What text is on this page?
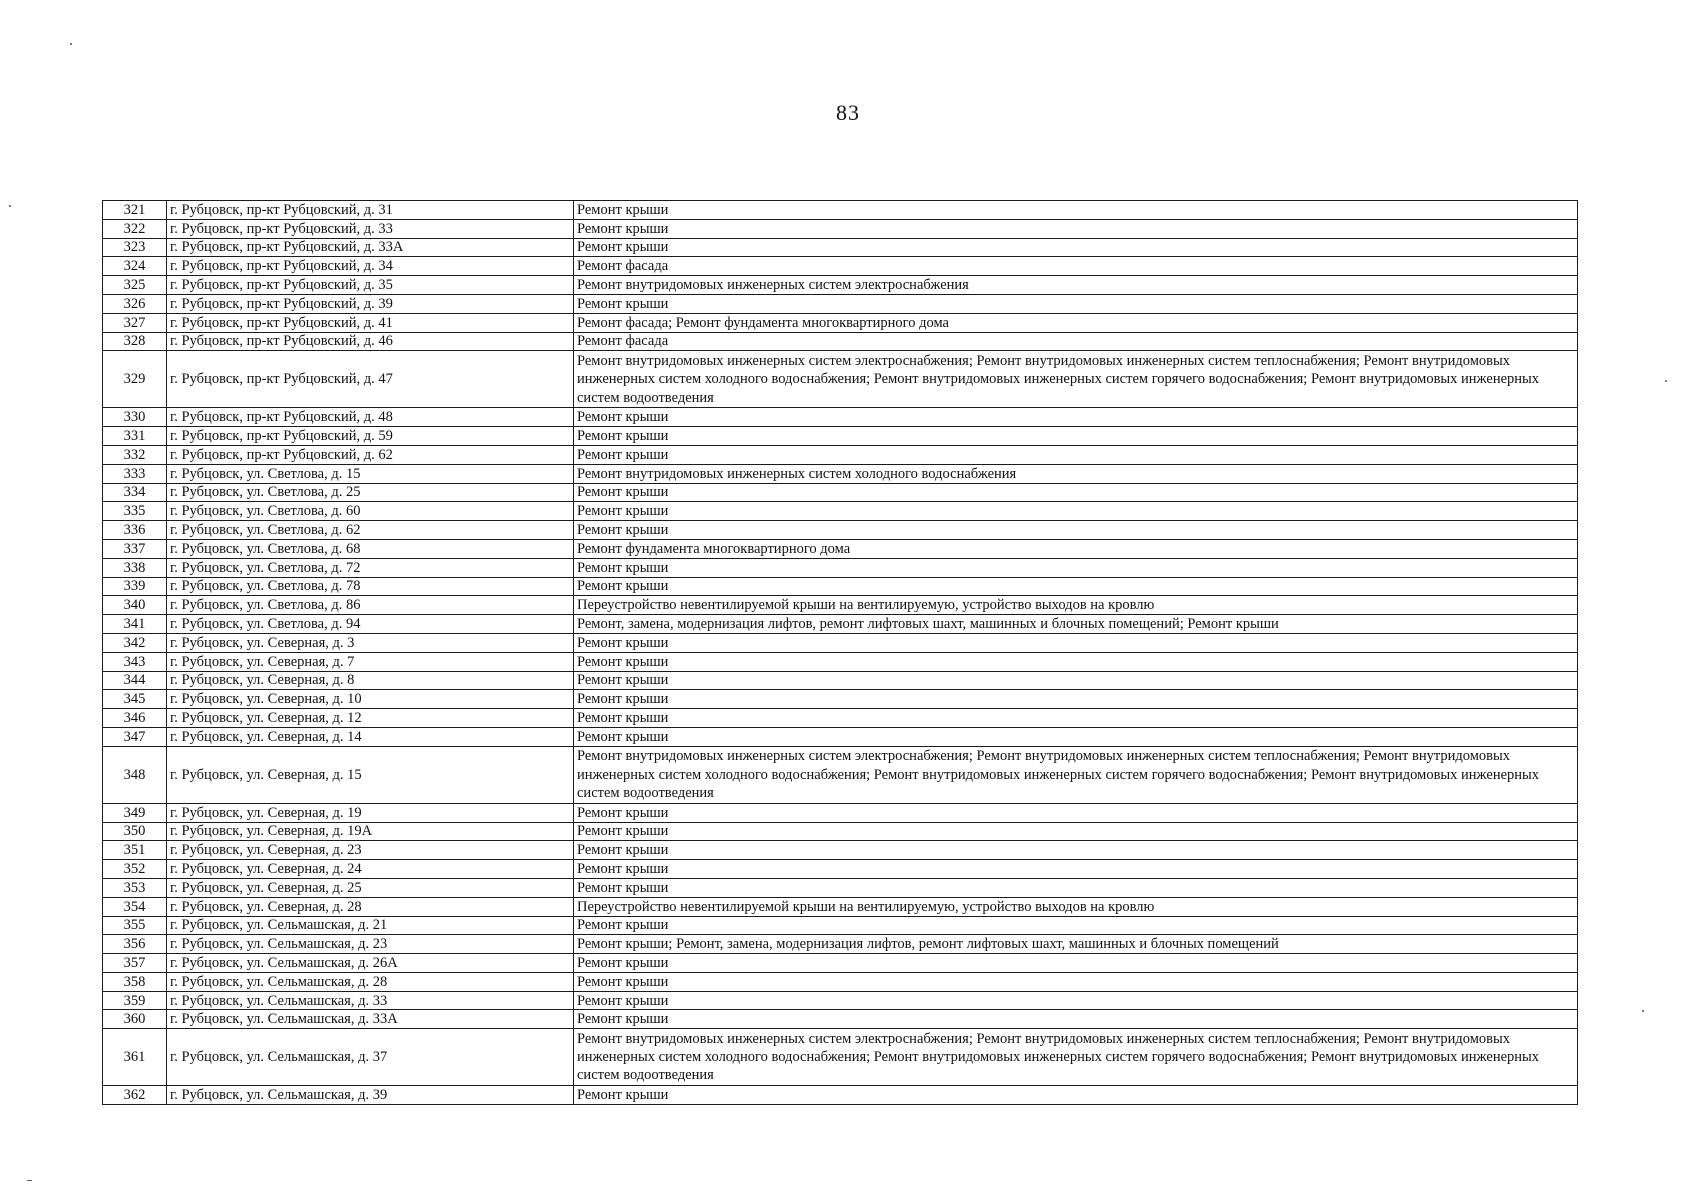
83
321	г. Рубцовск, пр-кт Рубцовский, д. 31	Ремонт крыши
322	г. Рубцовск, пр-кт Рубцовский, д. 33	Ремонт крыши
323	г. Рубцовск, пр-кт Рубцовский, д. 33А	Ремонт крыши
324	г. Рубцовск, пр-кт Рубцовский, д. 34	Ремонт фасада
325	г. Рубцовск, пр-кт Рубцовский, д. 35	Ремонт внутридомовых инженерных систем электроснабжения
326	г. Рубцовск, пр-кт Рубцовский, д. 39	Ремонт крыши
327	г. Рубцовск, пр-кт Рубцовский, д. 41	Ремонт фасада; Ремонт фундамента многоквартирного дома
328	г. Рубцовск, пр-кт Рубцовский, д. 46	Ремонт фасада
329	г. Рубцовск, пр-кт Рубцовский, д. 47	Ремонт внутридомовых инженерных систем электроснабжения; Ремонт внутридомовых инженерных систем теплоснабжения; Ремонт внутридомовых инженерных систем холодного водоснабжения; Ремонт внутридомовых инженерных систем горячего водоснабжения; Ремонт внутридомовых инженерных систем водоотведения
330	г. Рубцовск, пр-кт Рубцовский, д. 48	Ремонт крыши
331	г. Рубцовск, пр-кт Рубцовский, д. 59	Ремонт крыши
332	г. Рубцовск, пр-кт Рубцовский, д. 62	Ремонт крыши
333	г. Рубцовск, ул. Светлова, д. 15	Ремонт внутридомовых инженерных систем холодного водоснабжения
334	г. Рубцовск, ул. Светлова, д. 25	Ремонт крыши
335	г. Рубцовск, ул. Светлова, д. 60	Ремонт крыши
336	г. Рубцовск, ул. Светлова, д. 62	Ремонт крыши
337	г. Рубцовск, ул. Светлова, д. 68	Ремонт фундамента многоквартирного дома
338	г. Рубцовск, ул. Светлова, д. 72	Ремонт крыши
339	г. Рубцовск, ул. Светлова, д. 78	Ремонт крыши
340	г. Рубцовск, ул. Светлова, д. 86	Переустройство невентилируемой крыши на вентилируемую, устройство выходов на кровлю
341	г. Рубцовск, ул. Светлова, д. 94	Ремонт, замена, модернизация лифтов, ремонт лифтовых шахт, машинных и блочных помещений; Ремонт крыши
342	г. Рубцовск, ул. Северная, д. 3	Ремонт крыши
343	г. Рубцовск, ул. Северная, д. 7	Ремонт крыши
344	г. Рубцовск, ул. Северная, д. 8	Ремонт крыши
345	г. Рубцовск, ул. Северная, д. 10	Ремонт крыши
346	г. Рубцовск, ул. Северная, д. 12	Ремонт крыши
347	г. Рубцовск, ул. Северная, д. 14	Ремонт крыши
348	г. Рубцовск, ул. Северная, д. 15	Ремонт внутридомовых инженерных систем электроснабжения; Ремонт внутридомовых инженерных систем теплоснабжения; Ремонт внутридомовых инженерных систем холодного водоснабжения; Ремонт внутридомовых инженерных систем горячего водоснабжения; Ремонт внутридомовых инженерных систем водоотведения
349	г. Рубцовск, ул. Северная, д. 19	Ремонт крыши
350	г. Рубцовск, ул. Северная, д. 19А	Ремонт крыши
351	г. Рубцовск, ул. Северная, д. 23	Ремонт крыши
352	г. Рубцовск, ул. Северная, д. 24	Ремонт крыши
353	г. Рубцовск, ул. Северная, д. 25	Ремонт крыши
354	г. Рубцовск, ул. Северная, д. 28	Переустройство невентилируемой крыши на вентилируемую, устройство выходов на кровлю
355	г. Рубцовск, ул. Сельмашская, д. 21	Ремонт крыши
356	г. Рубцовск, ул. Сельмашская, д. 23	Ремонт крыши; Ремонт, замена, модернизация лифтов, ремонт лифтовых шахт, машинных и блочных помещений
357	г. Рубцовск, ул. Сельмашская, д. 26А	Ремонт крыши
358	г. Рубцовск, ул. Сельмашская, д. 28	Ремонт крыши
359	г. Рубцовск, ул. Сельмашская, д. 33	Ремонт крыши
360	г. Рубцовск, ул. Сельмашская, д. 33А	Ремонт крыши
361	г. Рубцовск, ул. Сельмашская, д. 37	Ремонт внутридомовых инженерных систем электроснабжения; Ремонт внутридомовых инженерных систем теплоснабжения; Ремонт внутридомовых инженерных систем холодного водоснабжения; Ремонт внутридомовых инженерных систем горячего водоснабжения; Ремонт внутридомовых инженерных систем водоотведения
362	г. Рубцовск, ул. Сельмашская, д. 39	Ремонт крыши
